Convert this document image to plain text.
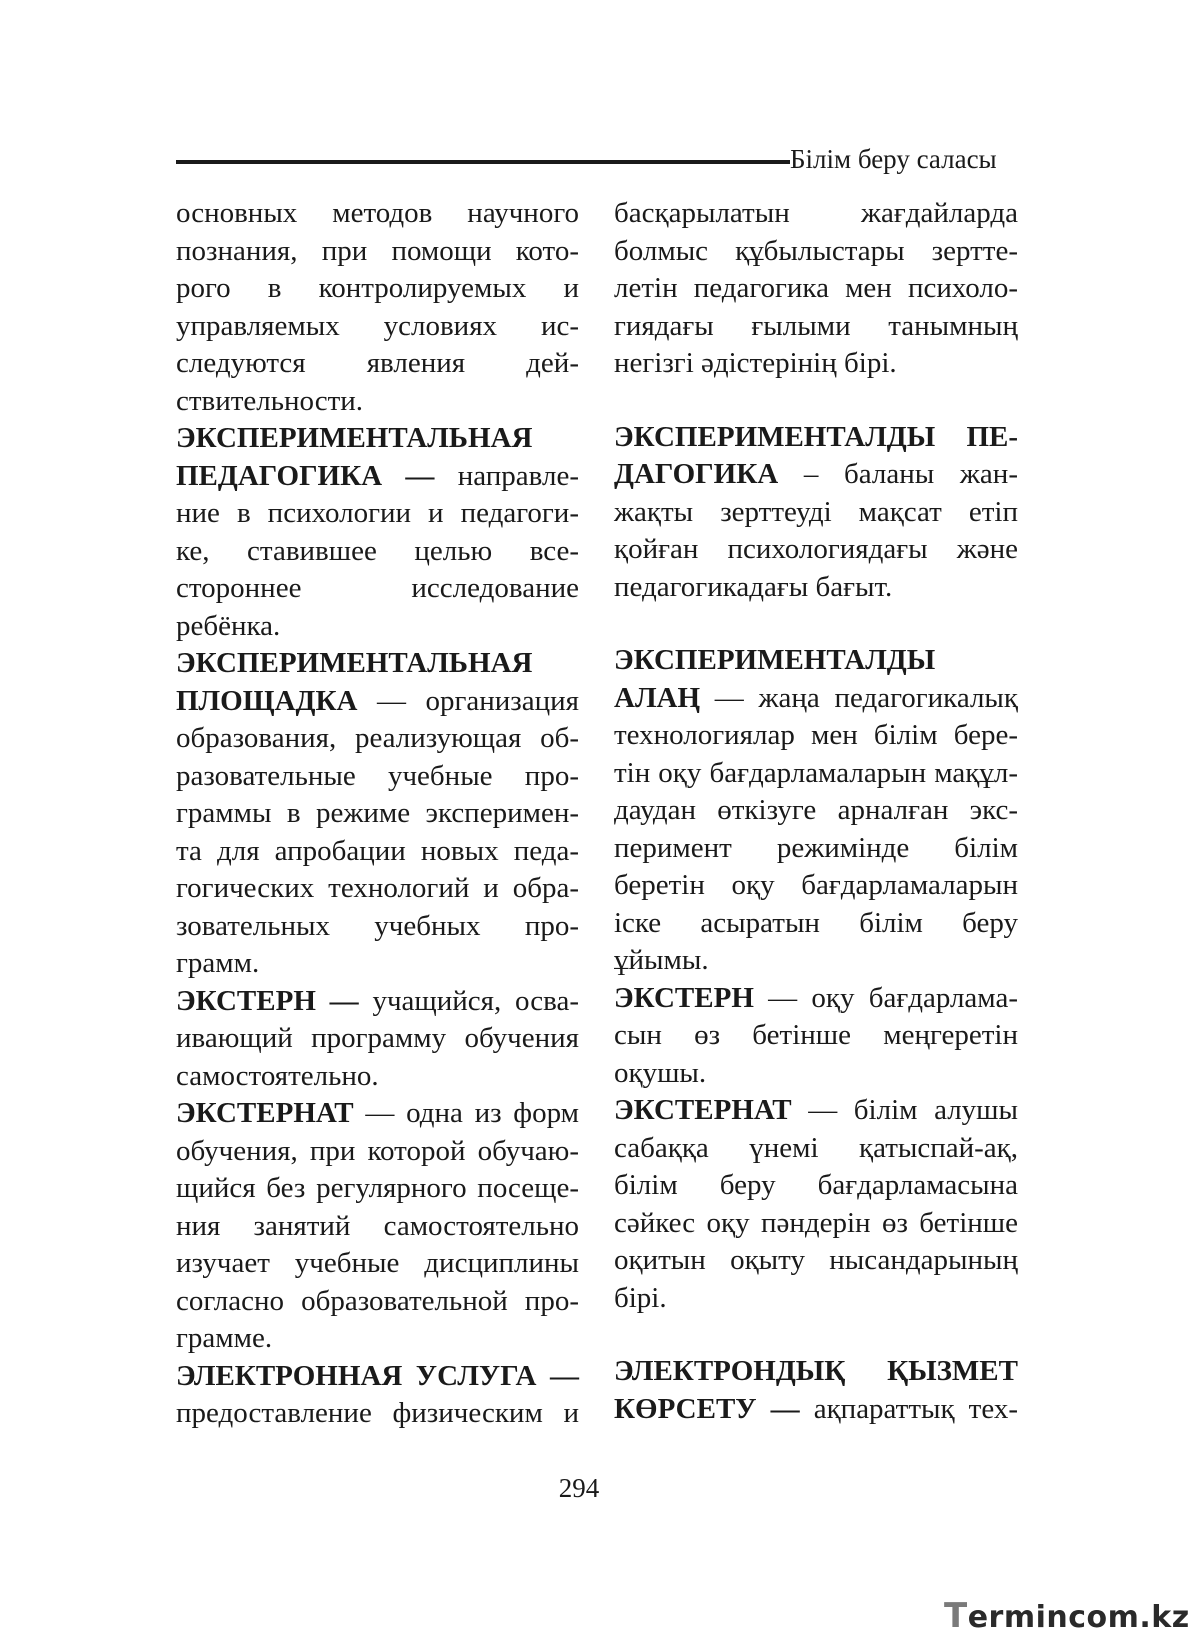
Білім беру саласы
основных методов научного
познания, при помощи кото-
рого в контролируемых и
управляемых условиях ис-
следуются явления дей-
ствительности.
ЭКСПЕРИМЕНТАЛЬНАЯ
ПЕДАГОГИКА — направле-
ние в психологии и педагоги-
ке, ставившее целью все-
стороннее исследование
ребёнка.
ЭКСПЕРИМЕНТАЛЬНАЯ
ПЛОЩАДКА — организация
образования, реализующая об-
разовательные учебные про-
граммы в режиме эксперимен-
та для апробации новых педа-
гогических технологий и обра-
зовательных учебных про-
грамм.
ЭКСТЕРН — учащийся, осва-
ивающий программу обучения
самостоятельно.
ЭКСТЕРНАТ — одна из форм
обучения, при которой обучаю-
щийся без регулярного посеще-
ния занятий самостоятельно
изучает учебные дисциплины
согласно образовательной про-
грамме.
ЭЛЕКТРОННАЯ УСЛУГА —
предоставление физическим и
басқарылатын жағдайларда
болмыс құбылыстары зертте-
летін педагогика мен психоло-
гиядағы ғылыми танымның
негізгі әдістерінің бірі.
ЭКСПЕРИМЕНТАЛДЫ ПЕ-
ДАГОГИКА – баланы жан-
жақты зерттеуді мақсат етіп
қойған психологиядағы және
педагогикадағы бағыт.
ЭКСПЕРИМЕНТАЛДЫ
АЛАҢ — жаңа педагогикалық
технологиялар мен білім бере-
тін оқу бағдарламаларын мақұл-
даудан өткізуге арналған экс-
перимент режимінде білім
беретін оқу бағдарламаларын
іске асыратын білім беру
ұйымы.
ЭКСТЕРН — оқу бағдарлама-
сын өз бетінше меңгеретін
оқушы.
ЭКСТЕРНАТ — білім алушы
сабаққа үнемі қатыспай-ақ,
білім беру бағдарламасына
сәйкес оқу пәндерін өз бетінше
оқитын оқыту нысандарының
бірі.
ЭЛЕКТРОНДЫҚ ҚЫЗМЕТ
КӨРСЕТУ — ақпараттық тех-
294
Termincom.kz
